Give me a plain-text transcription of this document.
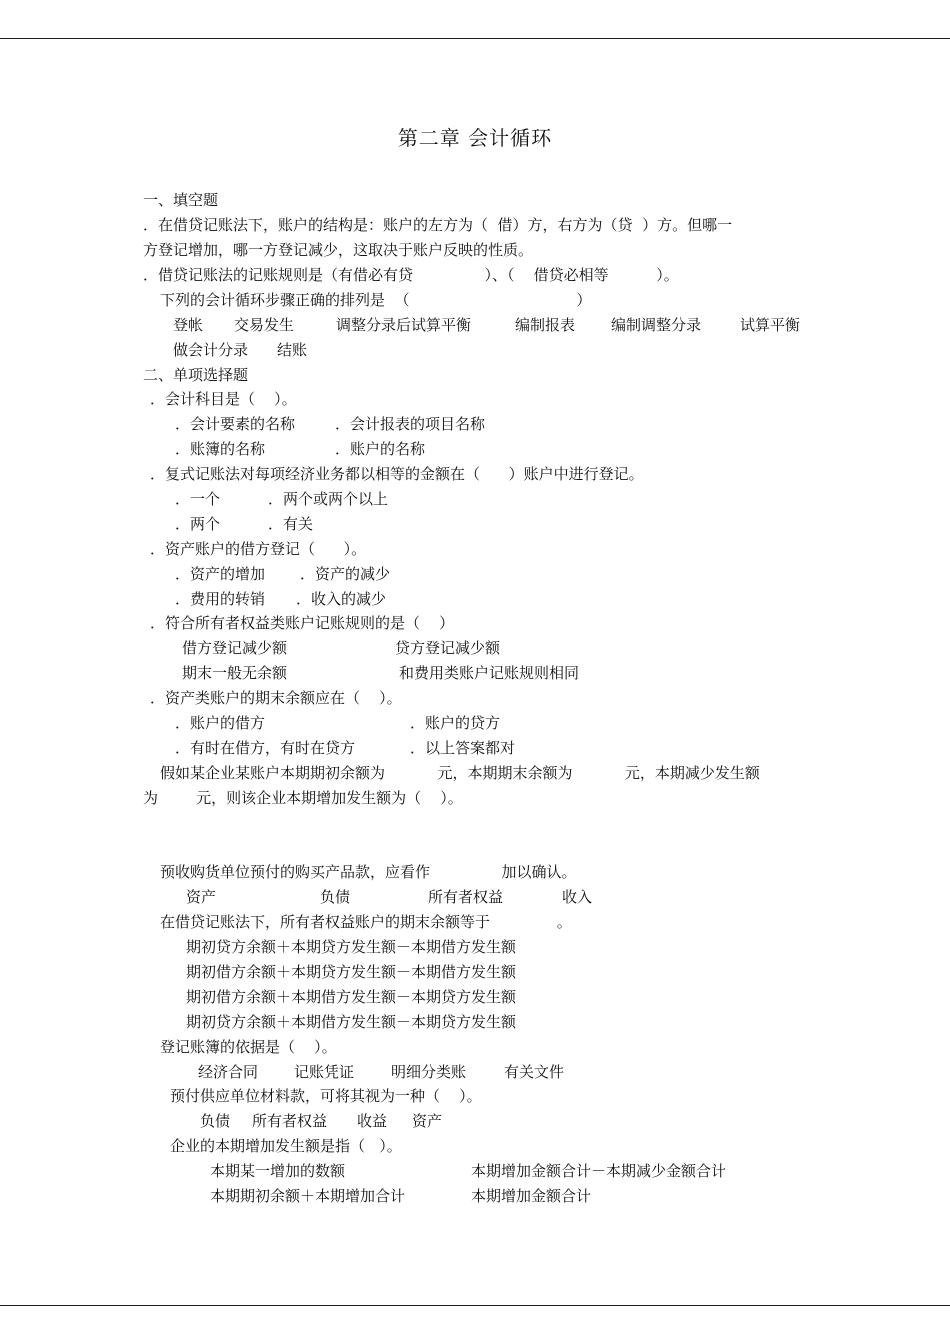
第二章 会计循环
一、填空题
．在借贷记账法下，账户的结构是：账户的左方为（  借）方，右方为（贷  ）方。但哪一
方登记增加，哪一方登记减少，这取决于账户反映的性质。
．借贷记账法的记账规则是（有借必有贷               ）、（    借贷必相等          ）。
下列的会计循环步骤正确的排列是  （                                   ）
登帐 交易发生	调整分录后试算平衡	编制报表 编制调整分录	试算平衡
做会计分录 结账
二、单项选择题
．会计科目是（    ）。
．会计要素的名称	．会计报表的项目名称
．账簿的名称	．账户的名称
．复式记账法对每项经济业务都以相等的金额在（      ）账户中进行登记。
．一个	．两个或两个以上
．两个	．有关
．资产账户的借方登记（      ）。
．资产的增加 ．资产的减少
．费用的转销 ．收入的减少
．符合所有者权益类账户记账规则的是（    ）
借方登记减少额	贷方登记减少额
期末一般无余额	和费用类账户记账规则相同
．资产类账户的期末余额应在（    ）。
．账户的借方	．账户的贷方
．有时在借方，有时在贷方	．以上答案都对
假如某企业某账户本期期初余额为           元，本期期末余额为           元，本期减少发生额
为        元，则该企业本期增加发生额为（    ）。
预收购货单位预付的购买产品款，应看作               加以确认。
资产	负债	所有者权益	收入
在借贷记账法下，所有者权益账户的期末余额等于              。
期初贷方余额＋本期贷方发生额－本期借方发生额
期初借方余额＋本期贷方发生额－本期借方发生额
期初借方余额＋本期借方发生额－本期贷方发生额
期初贷方余额＋本期借方发生额－本期贷方发生额
登记账簿的依据是（    ）。
经济合同 记账凭证 明细分类账	有关文件
预付供应单位材料款，可将其视为一种（    ）。
负债 所有者权益 收益 资产
企业的本期增加发生额是指（   ）。
本期某一增加的数额	本期增加金额合计－本期减少金额合计
本期期初余额＋本期增加合计	本期增加金额合计
